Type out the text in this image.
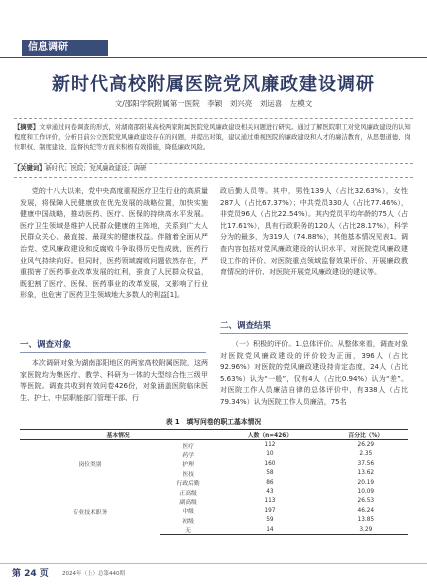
信息调研
新时代高校附属医院党风廉政建设调研
文/邵阳学院附属第一医院　李颖　刘兴亮　刘运喜　左模文
【摘要】文章通过问卷调查的形式，对湖南邵阳某高校两家附属医院党风廉政建设相关问题进行研究。通过了解医院职工对党风廉政建设的认知程度和工作评价，分析目前公立医院党风廉政建设存在的问题，并提出对策，建议通过重视医院的廉政建设和人才的廉洁教育，从思想道德、岗位职权、制度建设、监督执纪等方面来积极有效措施，降低廉政风险。
【关键词】新时代；医院；党风廉政建设；调研

党的十八大以来，党中央高度重视医疗卫生行业的高质量发展，将保障人民健康放在优先发展的战略位置，加快实施健康中国战略，推动医药、医疗、医保的持续高水平发展。医疗卫生领域是维护人民群众健康的主阵地，关系到广大人民群众关心、最直接、最现实的健康权益。伴随着全面从严治党、党风廉政建设和反腐败斗争取得历史性成就，医药行业风气持续向好。但同时，医药领域腐败问题依然存在，严重损害了医药事业改革发展的红利，蚕食了人民群众权益，既犯割了医疗、医保、医药事业的改革发展，又影响了行业形象，也危害了医药卫生领域地大多数人的利益[1]。

一、调查对象

本次调研对象为湖南邵阳地区的两家高校附属医院，这两家医院均为集医疗、教学、科研为一体的大型综合性三级甲等医院。调查共收到有效问卷426份，对象涵盖医院临床医生、护士、中层职能部门管理干部、行

政后勤人员等。其中，男性139人（占比32.63%），女性287人（占比67.37%）；中共党员330人（占比77.46%），非党员96人（占比22.54%）。其内党员平均年龄的75人（占比17.61%），具有行政职务的120人（占比28.17%），科学分为的最多，为319人（74.88%），其他基本情况见表1。调查内容包括对党风廉政建设的认识水平、对医院党风廉政建设工作的评价、对医院重点领域监督效果评价、开展廉政教育情况的评价、对医院开展党风廉政建设的建议等。

二、调查结果

（一）积极的评价。1.总体评价。从整体来看，调查对象对医院党风廉政建设的评价较为正面，396人（占比92.96%）对医院的党风廉政建设持肯定态度，24人（占比5.63%）认为“一般”，仅有4人（占比0.94%）认为“差”。对医院工作人员廉洁自律的总体评价中，有338人（占比79.34%）认为医院工作人员廉洁，75名

表 1　填写问卷的职工基本情况
基本情况		人数（n=426）	百分比（%）
岗位类别	医疗	112	26.29
	药学	10	2.35
	护理	160	37.56
	医技	58	13.62
	行政后勤	86	20.19
专业技术职务	正高级	43	10.09
	副高级	113	26.53
	中级	197	46.24
	初级	59	13.85
	无	14	3.29
第 24 页 2024年（上）总第440期
